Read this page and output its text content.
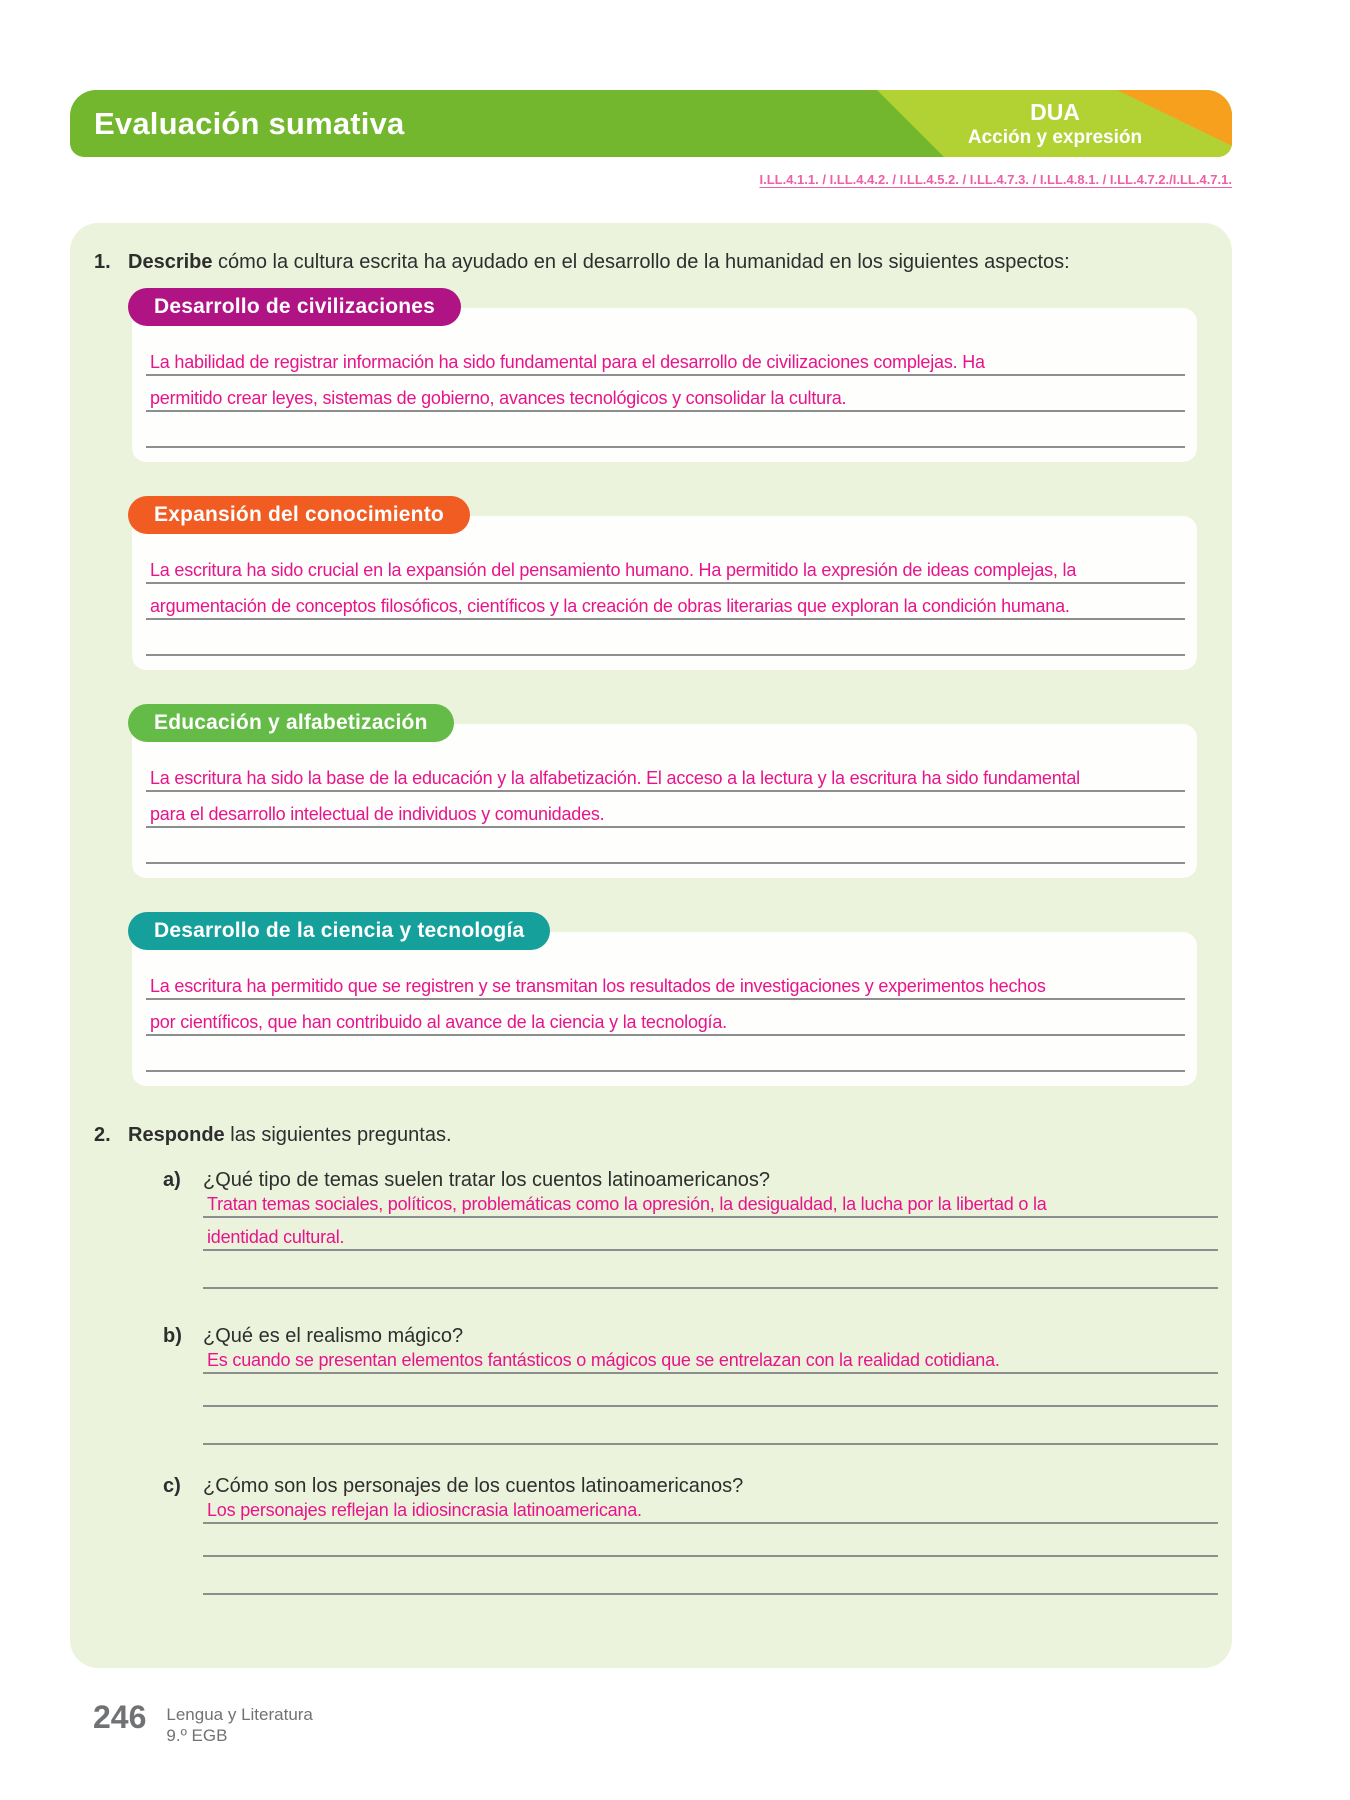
Evaluación sumativa	DUA
Acción y expresión
I.LL.4.1.1. / I.LL.4.4.2. / I.LL.4.5.2. / I.LL.4.7.3. / I.LL.4.8.1. / I.LL.4.7.2./I.LL.4.7.1.
1. Describe cómo la cultura escrita ha ayudado en el desarrollo de la humanidad en los siguientes aspectos:
Desarrollo de civilizaciones
La habilidad de registrar información ha sido fundamental para el desarrollo de civilizaciones complejas. Ha
permitido crear leyes, sistemas de gobierno, avances tecnológicos y consolidar la cultura.
Expansión del conocimiento
La escritura ha sido crucial en la expansión del pensamiento humano. Ha permitido la expresión de ideas complejas, la
argumentación de conceptos filosóficos, científicos y la creación de obras literarias que exploran la condición humana.
Educación y alfabetización
La escritura ha sido la base de la educación y la alfabetización. El acceso a la lectura y la escritura ha sido fundamental
para el desarrollo intelectual de individuos y comunidades.
Desarrollo de la ciencia y tecnología
La escritura ha permitido que se registren y se transmitan los resultados de investigaciones y experimentos hechos
por científicos, que han contribuido al avance de la ciencia y la tecnología.
2. Responde las siguientes preguntas.
a)	¿Qué tipo de temas suelen tratar los cuentos latinoamericanos?
Tratan temas sociales, políticos, problemáticas como la opresión, la desigualdad, la lucha por la libertad o la
identidad cultural.
b)	¿Qué es el realismo mágico?
Es cuando se presentan elementos fantásticos o mágicos que se entrelazan con la realidad cotidiana.
c)	¿Cómo son los personajes de los cuentos latinoamericanos?
Los personajes reflejan la idiosincrasia latinoamericana.
246 Lengua y Literatura
9.º EGB
